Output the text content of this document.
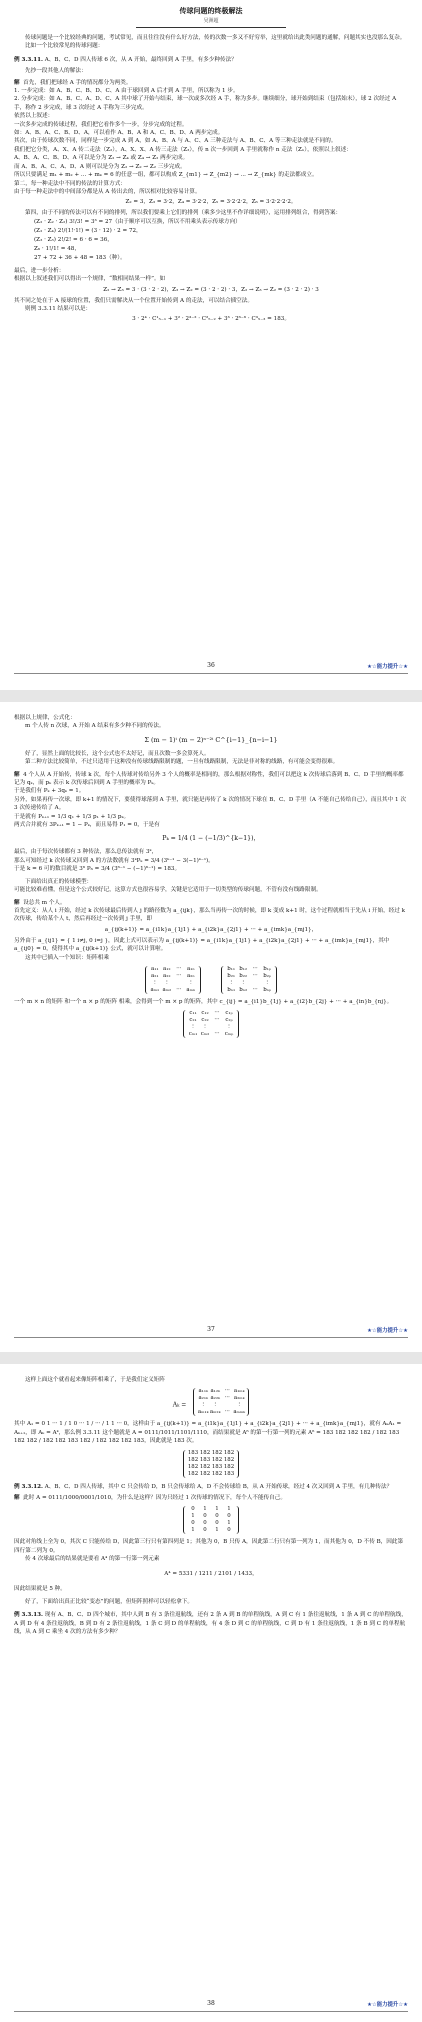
传球问题的终极解法
吴洲超

传球问题是一个比较经典的问题，考试常见，而且往往没有什么好方法，传的次数一多又不好穷举，这里就给出此类问题的通解，问题其实也没那么复杂。

比如一个比较常见的传球问题：

例 3.3.11. A、B、C、D 四人传球 6 次，从 A 开始，最终回到 A 手里，有多少种传法？

先抄一段其他人的解法：

解 首先，我们把球经 A 手的情况都分为两类。

1. 一步完成：如 A、B、C、B、D、C、A 由于球回到 A 后才到 A 手里，所以称为 1 步。

2. 分步完成：如 A、B、C、A、D、C、A 其中球了开始与结束，球一次或多次经 A 手，称为多步。继续细分，球开始到结束（包括始末），球 2 次经过 A 手，称作 2 步完成，球 3 次经过 A 手称为三步完成。

依然以上叙述：

一次多步完成的传球过程，我们把它看作多个一步，分步完成的过程。

如：A、B、A、C、B、D、A，可以看作 A、B、A 和 A、C、B、D、A 两步完成。

其次，由于传球次数不同，同样是一步完成 A 到 A，如 A、B、A 与 A、C、A 三种走法与 A、B、C、A 等三种走法就是不同的。

我们把它分类，A、X、A 传二走法（Z₂），A、X、X、A 传三走法（Z₃），传 n 次一步回到 A 手里就称作 n 走法（Zₙ），依照以上叙述：

A、B、A、C、B、D、A 可以是分为 Z₂ → Z₄ 或 Z₄ → Z₂ 两步完成。

而 A、B、A、C、A、D、A 则可以是分为 Z₂ → Z₂ → Z₂ 三步完成。

所以只要满足 m₁ + m₂ + ... + mₖ = 6 的任意一组，都可以构成 Z_{m1} → Z_{m2} → ... → Z_{mk} 的走法都成立。

第二，每一种走法中不同的传法的计算方式：

由于每一种走法中的中间部分都是从 A 传出去的，所以相对比较容易计算。

Z₂ = 3，Z₃ = 3·2，Z₄ = 3·2·2，Z₅ = 3·2·2·2，Z₆ = 3·2·2·2·2。

第四，由于不同的传法可以有不同的排列，所以我们要乘上它们的排列（乘多少这里不作详细说明），运用排列组合，得到答案：

(Z₂ · Z₂ · Z₂) 3!/3! = 3³ = 27（由于顺序可以互换，所以不用乘头表示传球方向）

(Z₂ · Z₄) 2!/(1!·1!) = (3 · 12) · 2 = 72，

(Z₃ · Z₃) 2!/2! = 6 · 6 = 36，

Z₆ · 1!/1! = 48，

27 + 72 + 36 + 48 = 183（种）。

最后，进一步分析：

根据以上叙述我们可以得出一个规律，“数相同结果一样”。如

Z₂ → Z₃ = 3 · (3 · 2 · 2)，Z₃ → Z₂ = (3 · 2 · 2) · 3，Z₂ → Z₃ → Z₂ = (3 · 2 · 2) · 3

其不同之处在于 A 接球的位置，我们只需解决从一个位置开始传到 A 的走法，可以结合插空法。

则例 3.3.11 结果可以是：

3 · 2⁴ · C¹₅₋₁ + 3² · 2³⁻² · C²₅₋₂ + 3³ · 2⁶⁻⁶ · C³₅₋₃ = 183。

36	★☆能力提升☆★

根据以上规律，公式化：

m 个人传 n 次球，A 开始 A 结束有多少种不同的传法。

Σ (m − 1)ⁱ (m − 2)ⁿ⁻²ⁱ C^{i−1}_{n−i−1}

好了，显然上面的比较长，这个公式也不太好记，而且次数一多会算死人。

第二种方法比较简单，不过只适用于这种没有传球线路限制的题，一旦有线路限制，无法是非对称的线路，有可能会变得很难。

解 4 个人从 A 开始传，传球 k 次，每个人传球对传给另外 3 个人的概率是相同的，那么根据对称性，我们可以把这 k 次传球后落到 B、C、D 手里的概率都记为 qₖ，而 pₖ 表示 k 次传球后回到 A 手里的概率为 Pₖ。

于是我们有 Pₖ + 3qₖ = 1。

另外，如果再传一次球，即 k+1 的情况下，要使得球落到 A 手里，就只能是再传了 k 次的情况下球在 B、C、D 手里（A 不能自己传给自己），而且其中 1 次 3 次传递传给了 A。

于是就有 Pₖ₊₁ = 1/3 q₁ + 1/3 p₁ + 1/3 pₖ。

两式合并就有 3Pₖ₊₁ = 1 − Pₖ，而且易得 P₁ = 0，于是有

Pₖ = 1/4 (1 − (−1/3)^{k−1})，

最后，由于每次传球都有 3 种传法，那么总传法就有 3ᵏ，

那么可知经过 k 次传球又回到 A 的方法数就有 3ᵏPₖ = 3/4 (3ᵏ⁻¹ − 3(−1)ᵏ⁻¹)。

于是 k = 6 可的数目就是 3⁶ P₆ = 3/4 (3⁶⁻¹ − (−1)⁶⁻¹) = 183。

下面给出真正的传球模型：

可能比较难看懂，但是这个公式较好记，这算方式也很容易学，关键是它适用于一切类型的传球问题，不管有没有线路限制。

解 设总共 m 个人。

首先定义：从人 i 开始，经过 k 次传球最后传到人 j 的路径数为 a_{ijk}，那么当再传一次的时候，即 k 变成 k+1 时，这个过程就相当于先从 i 开始，经过 k 次传球，传给某个人 t，然后再经过一次传到 j 手里，即

a_{ij(k+1)} = a_{i1k}a_{1j1} + a_{i2k}a_{2j1} + ··· + a_{imk}a_{mj1}，

另外由于 a_{ij1} = { 1 i≠j, 0 i=j }，因此上式可以表示为 a_{ij(k+1)} = a_{i1k}a_{1j1} + a_{i2k}a_{2j1} + ··· + a_{imk}a_{mj1}，其中 a_{ij0} = 0，使得其中 a_{ij(k+1)} 公式，就可以计算啦。

这其中已插入一个知识：矩阵相乘

a₁₁ a₁₂ ··· a₁ₙ
a₂₁ a₂₂ ··· a₂ₙ
⋮ ⋮	⋮
aₘ₁ aₘ₂ ··· aₘₙ

b₁₁ b₁₂ ··· b₁ₚ
b₂₁ b₂₂ ··· b₂ₚ
⋮ ⋮	⋮
bₙ₁ bₙ₂ ··· bₙₚ

一个 m × n 的矩阵 和一个 n × p 的矩阵 相乘，会得到一个 m × p 的矩阵，其中 c_{ij} = a_{i1}b_{1j} + a_{i2}b_{2j} + ··· + a_{in}b_{nj}。

c₁₁ c₁₂ ··· c₁ₚ
c₂₁ c₂₂ ··· c₂ₚ
⋮ ⋮	⋮
cₘ₁ cₘ₂ ··· cₘₚ
37	★☆能力提升☆★

这样上面这个就看起来像矩阵相乘了，于是我们定义矩阵

Aₖ =
a₁₁ₖ a₁₂ₖ ··· a₁ₘₖ
a₂₁ₖ a₂₂ₖ ··· a₂ₘₖ
⋮ ⋮	⋮
aₘ₁ₖaₘ₂ₖ ··· aₘₘₖ

其中 A₁ = 0 1 ··· 1 / 1 0 ··· 1 / ··· / 1 1 ··· 0，这样由于 a_{ij(k+1)} = a_{i1k}a_{1j1} + a_{i2k}a_{2j1} + ··· + a_{imk}a_{mj1}，就有 AₖA₁ = Aₖ₊₁，即 Aₖ = Aᵏ，那么例 3.3.11 这个题就是 A = 0111/1011/1101/1110，而结果就是 A⁶ 的第一行第一列的元素 A⁶ = 183 182 182 182 / 182 183 182 182 / 182 182 183 182 / 182 182 182 183，因此就是 183 次。

183 182 182 182
182 183 182 182
182 182 183 182
182 182 182 183

例 3.3.12. A、B、C、D 四人传球，其中 C 只会传给 D，B 只会传球给 A，D 不会传球给 B，从 A 开始传球，经过 4 次又回到 A 手里，有几种传法？

解 此时 A = 0111/1000/0001/1010，为什么是这样？因为只经过 1 次传球的情况下，每个人不能传自己。

0 1 1 1
1 0 0 0
0 0 0 1
1 0 1 0

因此对角线上全为 0，其次 C 只能传给 D，因此第三行只有第四列是 1；其他为 0，B 只传 A，因此第二行只有第一列为 1，而其他为 0，D 不传 B，因此第四行第二列为 0。

传 4 次球最后的结果就是要看 A⁴ 的第一行第一列元素

A⁴ = 5331 / 1211 / 2101 / 1433，

因此结果就是 5 种。

好了，下面给出真正比较“变态”的问题，但矩阵照样可以轻松拿下。

例 3.3.13. 现有 A、B、C、D 四个城市，其中人到 B 有 3 条往返航线，还有 2 条 A 到 B 的单程航线，A 到 C 有 1 条往返航线，1 条 A 到 C 的单程航线，A 到 D 有 4 条往返航线，B 到 D 有 2 条往返航线，1 条 C 到 D 的单程航线，有 4 条 D 到 C 的单程航线，C 到 D 有 1 条往返航线，1 条 B 到 C 的单程航线，从 A 到 C 乘坐 4 次的方法有多少种？

38	★☆能力提升☆★
